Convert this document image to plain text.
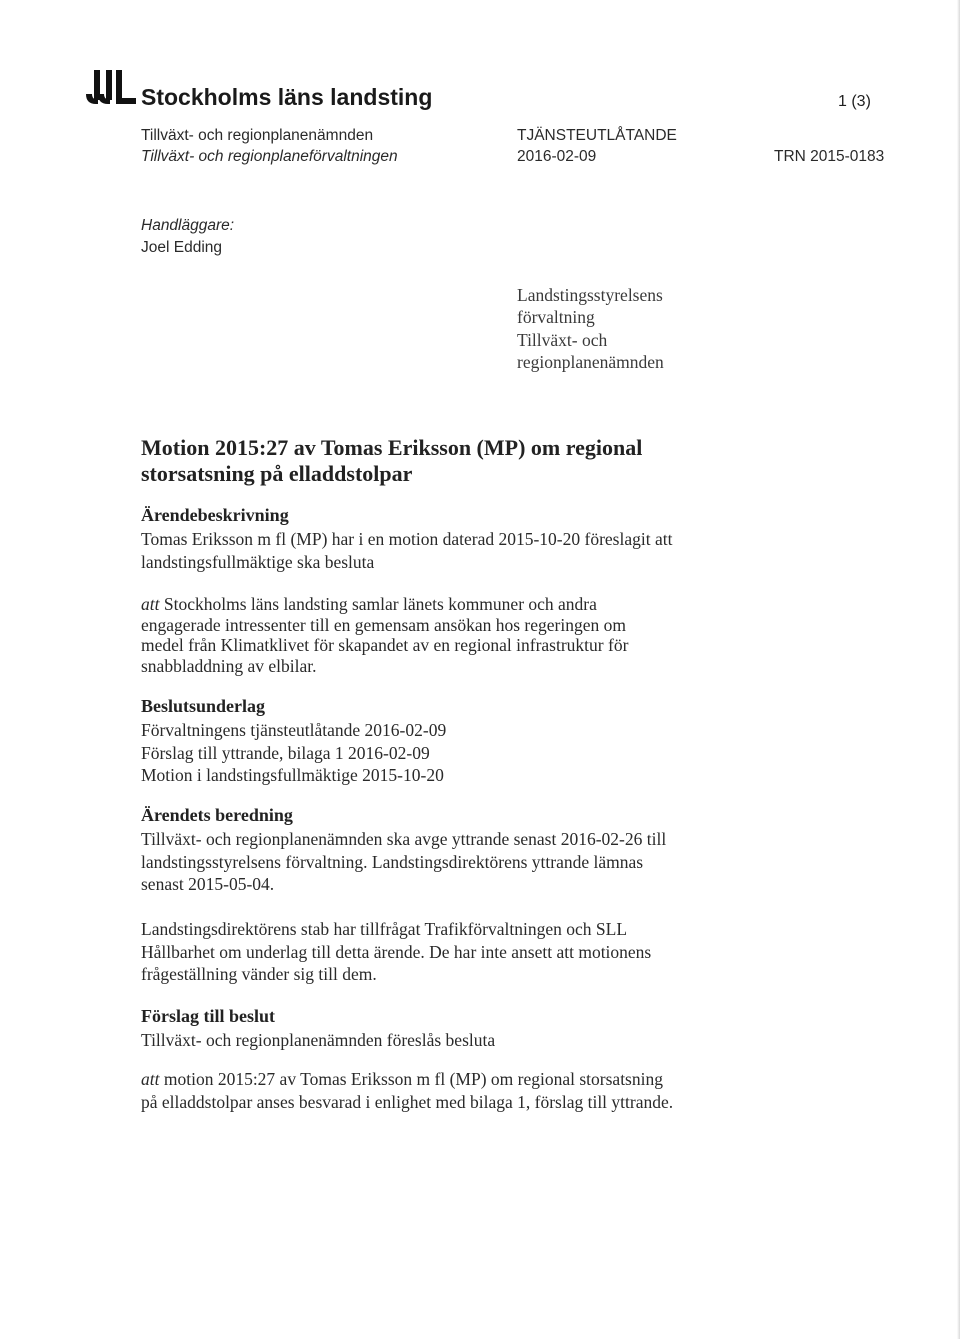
Stockholms läns landsting	1 (3)
Tillväxt- och regionplanenämnden
Tillväxt- och regionplaneförvaltningen
TJÄNSTEUTLÅTANDE
2016-02-09	TRN 2015-0183
Handläggare:
Joel Edding
Landstingsstyrelsens
förvaltning
Tillväxt- och
regionplanenämnden
Motion 2015:27 av Tomas Eriksson (MP) om regional
storsatsning på elladdstolpar
Ärendebeskrivning
Tomas Eriksson m fl (MP) har i en motion daterad 2015-10-20 föreslagit att
landstingsfullmäktige ska besluta
att Stockholms läns landsting samlar länets kommuner och andra
engagerade intressenter till en gemensam ansökan hos regeringen om
medel från Klimatklivet för skapandet av en regional infrastruktur för
snabbladdning av elbilar.
Beslutsunderlag
Förvaltningens tjänsteutlåtande 2016-02-09
Förslag till yttrande, bilaga 1 2016-02-09
Motion i landstingsfullmäktige 2015-10-20
Ärendets beredning
Tillväxt- och regionplanenämnden ska avge yttrande senast 2016-02-26 till
landstingsstyrelsens förvaltning. Landstingsdirektörens yttrande lämnas
senast 2015-05-04.
Landstingsdirektörens stab har tillfrågat Trafikförvaltningen och SLL
Hållbarhet om underlag till detta ärende. De har inte ansett att motionens
frågeställning vänder sig till dem.
Förslag till beslut
Tillväxt- och regionplanenämnden föreslås besluta
att motion 2015:27 av Tomas Eriksson m fl (MP) om regional storsatsning
på elladdstolpar anses besvarad i enlighet med bilaga 1, förslag till yttrande.
